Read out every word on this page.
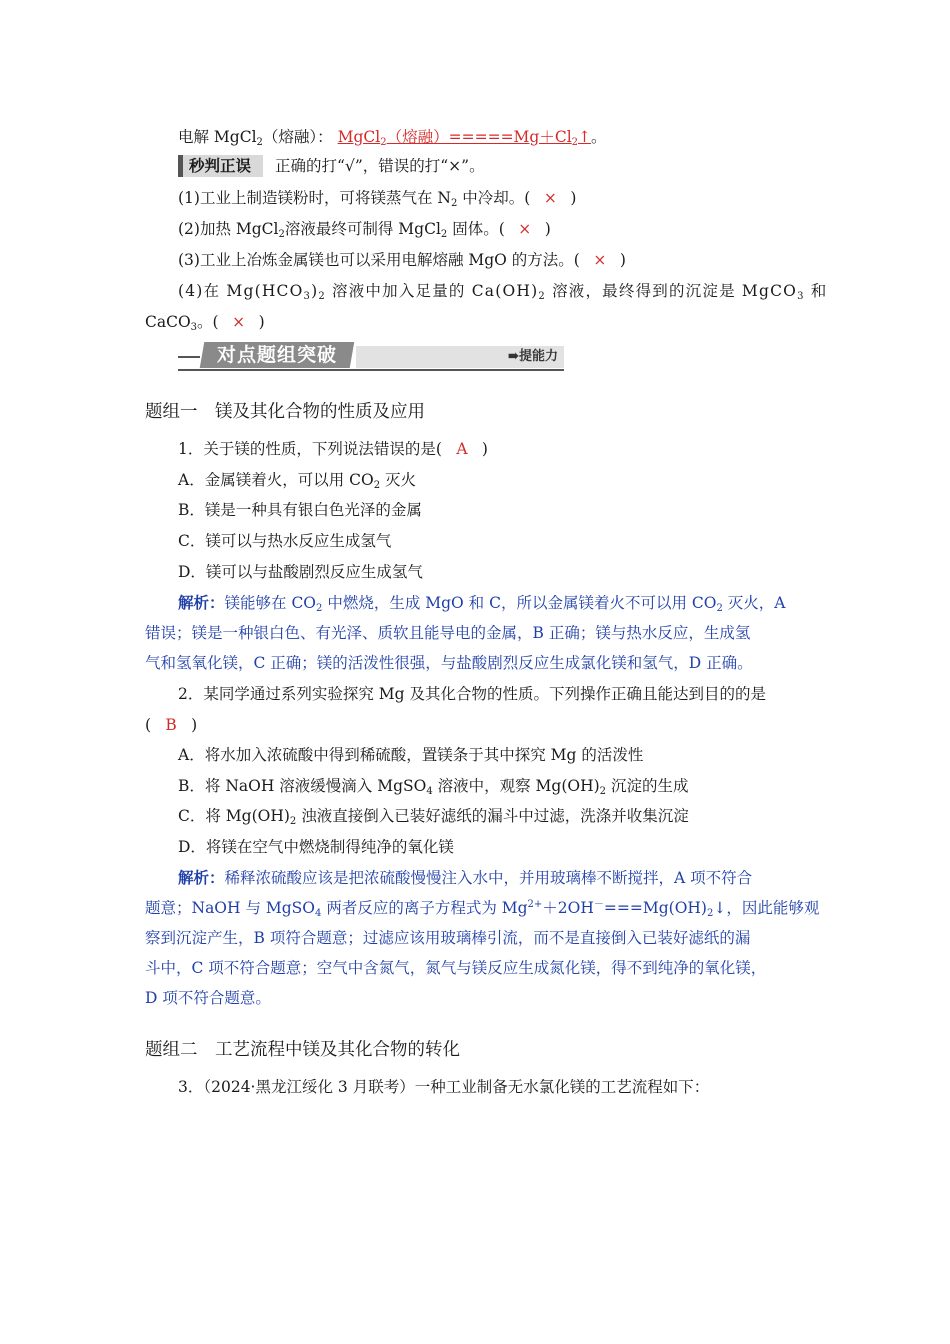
电解 MgCl$_2$（熔融）： MgCl$_2$（熔融）$=====Mg+Cl_2↑$。
秒判正误 正确的打“√”，错误的打“×”。
(1)工业上制造镁粉时，可将镁蒸气在 $N_2$ 中冷却。( × )
(2)加热 MgCl$_2$溶液最终可制得 MgCl$_2$ 固体。( × )
(3)工业上冶炼金属镁也可以采用电解熔融 MgO 的方法。( × )
(4)在 $Mg(HCO_3)_2$ 溶液中加入足量的 $Ca(OH)_2$ 溶液，最终得到的沉淀是 MgCO$_3$ 和
CaCO$_3$。( × )
➠提能力
对点题组突破
题组一　镁及其化合物的性质及应用
1．关于镁的性质，下列说法错误的是( A )
A．金属镁着火，可以用 $CO_2$ 灭火
B．镁是一种具有银白色光泽的金属
C．镁可以与热水反应生成氢气
D．镁可以与盐酸剧烈反应生成氢气
解析：镁能够在 $CO_2$ 中燃烧，生成 MgO 和 C，所以金属镁着火不可以用 $CO_2$ 灭火，A
错误；镁是一种银白色、有光泽、质软且能导电的金属，B 正确；镁与热水反应，生成氢
气和氢氧化镁，C 正确；镁的活泼性很强，与盐酸剧烈反应生成氯化镁和氢气，D 正确。
2．某同学通过系列实验探究 Mg 及其化合物的性质。下列操作正确且能达到目的的是
( B )
A．将水加入浓硫酸中得到稀硫酸，置镁条于其中探究 Mg 的活泼性
B．将 NaOH 溶液缓慢滴入 MgSO$_4$ 溶液中，观察 $Mg(OH)_2$ 沉淀的生成
C．将 $Mg(OH)_2$ 浊液直接倒入已装好滤纸的漏斗中过滤，洗涤并收集沉淀
D．将镁在空气中燃烧制得纯净的氧化镁
解析：稀释浓硫酸应该是把浓硫酸慢慢注入水中，并用玻璃棒不断搅拌，A 项不符合
题意；NaOH 与 MgSO$_4$ 两者反应的离子方程式为 $Mg^{2+}+2OH^-===Mg(OH)_2↓$，因此能够观
察到沉淀产生，B 项符合题意；过滤应该用玻璃棒引流，而不是直接倒入已装好滤纸的漏
斗中，C 项不符合题意；空气中含氮气，氮气与镁反应生成氮化镁，得不到纯净的氧化镁，
D 项不符合题意。
题组二　工艺流程中镁及其化合物的转化
3．（2024·黑龙江绥化 3 月联考）一种工业制备无水氯化镁的工艺流程如下：
